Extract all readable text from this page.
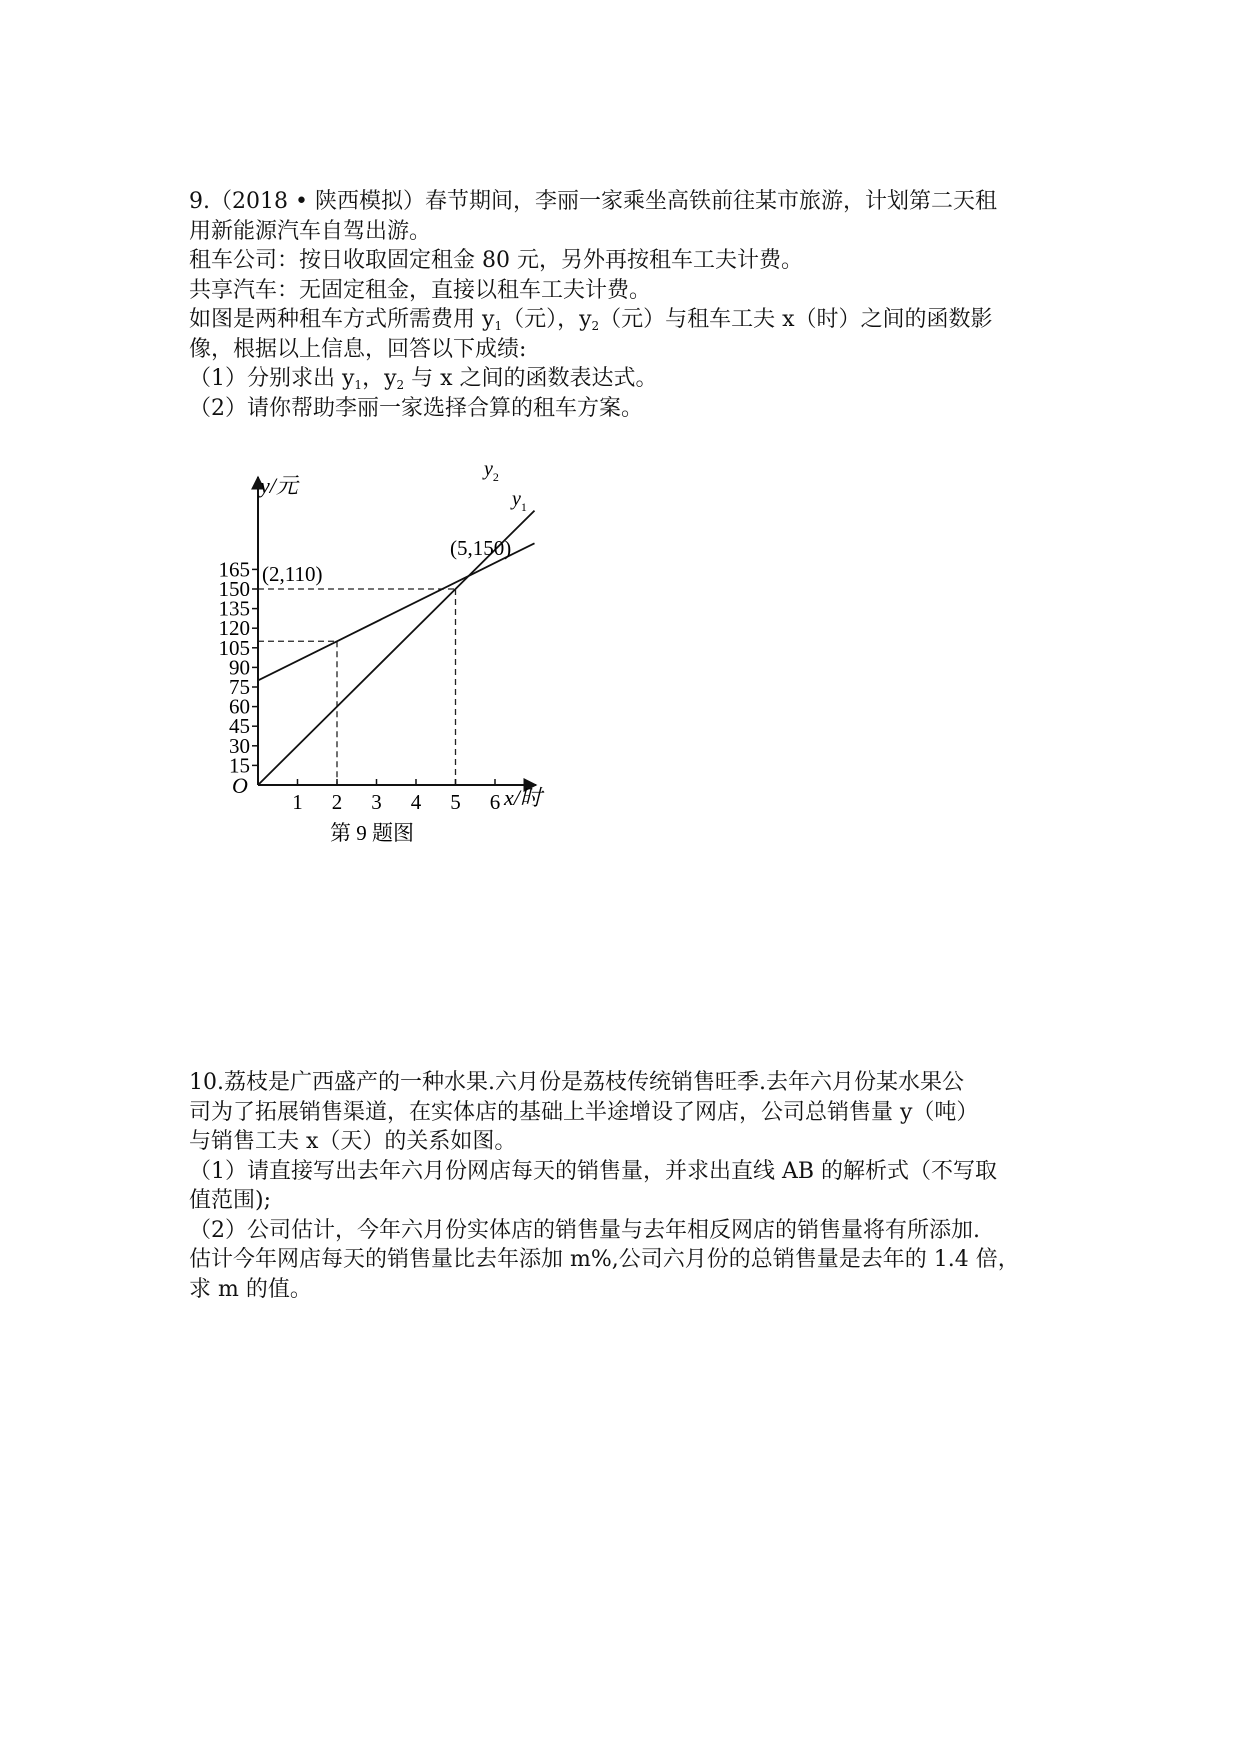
9.（2018 • 陕西模拟）春节期间，李丽一家乘坐高铁前往某市旅游，计划第二天租

用新能源汽车自驾出游。

租车公司：按日收取固定租金 80 元，另外再按租车工夫计费。

共享汽车：无固定租金，直接以租车工夫计费。

如图是两种租车方式所需费用 $y_1$（元），$y_2$（元）与租车工夫 x（时）之间的函数影

像，根据以上信息，回答以下成绩:

（1）分别求出 $y_1$，$y_2$ 与 x 之间的函数表达式。

（2）请你帮助李丽一家选择合算的租车方案。

15
30
45
60
75
90
105
120
135
150
165
1 2 3 4 5 6
y/元
x/时
O
(2,110)
(5,150)
$y_2$
$y_1$
第 9 题图

10.荔枝是广西盛产的一种水果.六月份是荔枝传统销售旺季.去年六月份某水果公

司为了拓展销售渠道，在实体店的基础上半途增设了网店，公司总销售量 y（吨）

与销售工夫 x（天）的关系如图。

（1）请直接写出去年六月份网店每天的销售量，并求出直线 AB 的解析式（不写取

值范围);

（2）公司估计，今年六月份实体店的销售量与去年相反网店的销售量将有所添加.

估计今年网店每天的销售量比去年添加 m%,公司六月份的总销售量是去年的 1.4 倍，

求 m 的值。
